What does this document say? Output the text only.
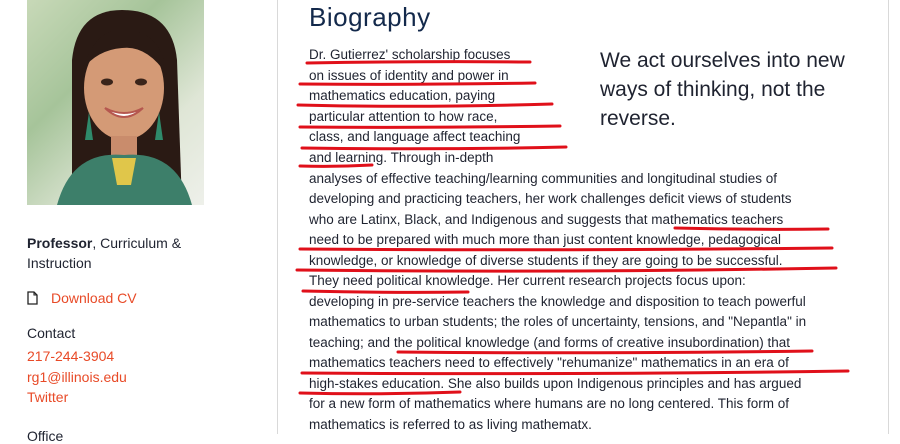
Professor, Curriculum & Instruction
Download CV
Contact
217-244-3904
rg1@illinois.edu
Twitter
Office
Biography
We act ourselves into new ways of thinking, not the reverse.
Dr. Gutierrez' scholarship focuses
on issues of identity and power in
mathematics education, paying
particular attention to how race,
class, and language affect teaching
and learning. Through in-depth
analyses of effective teaching/learning communities and longitudinal studies of
developing and practicing teachers, her work challenges deficit views of students
who are Latinx, Black, and Indigenous and suggests that mathematics teachers
need to be prepared with much more than just content knowledge, pedagogical
knowledge, or knowledge of diverse students if they are going to be successful.
They need political knowledge. Her current research projects focus upon:
developing in pre-service teachers the knowledge and disposition to teach powerful
mathematics to urban students; the roles of uncertainty, tensions, and "Nepantla" in
teaching; and the political knowledge (and forms of creative insubordination) that
mathematics teachers need to effectively "rehumanize" mathematics in an era of
high-stakes education. She also builds upon Indigenous principles and has argued
for a new form of mathematics where humans are no long centered. This form of
mathematics is referred to as living mathematx.
